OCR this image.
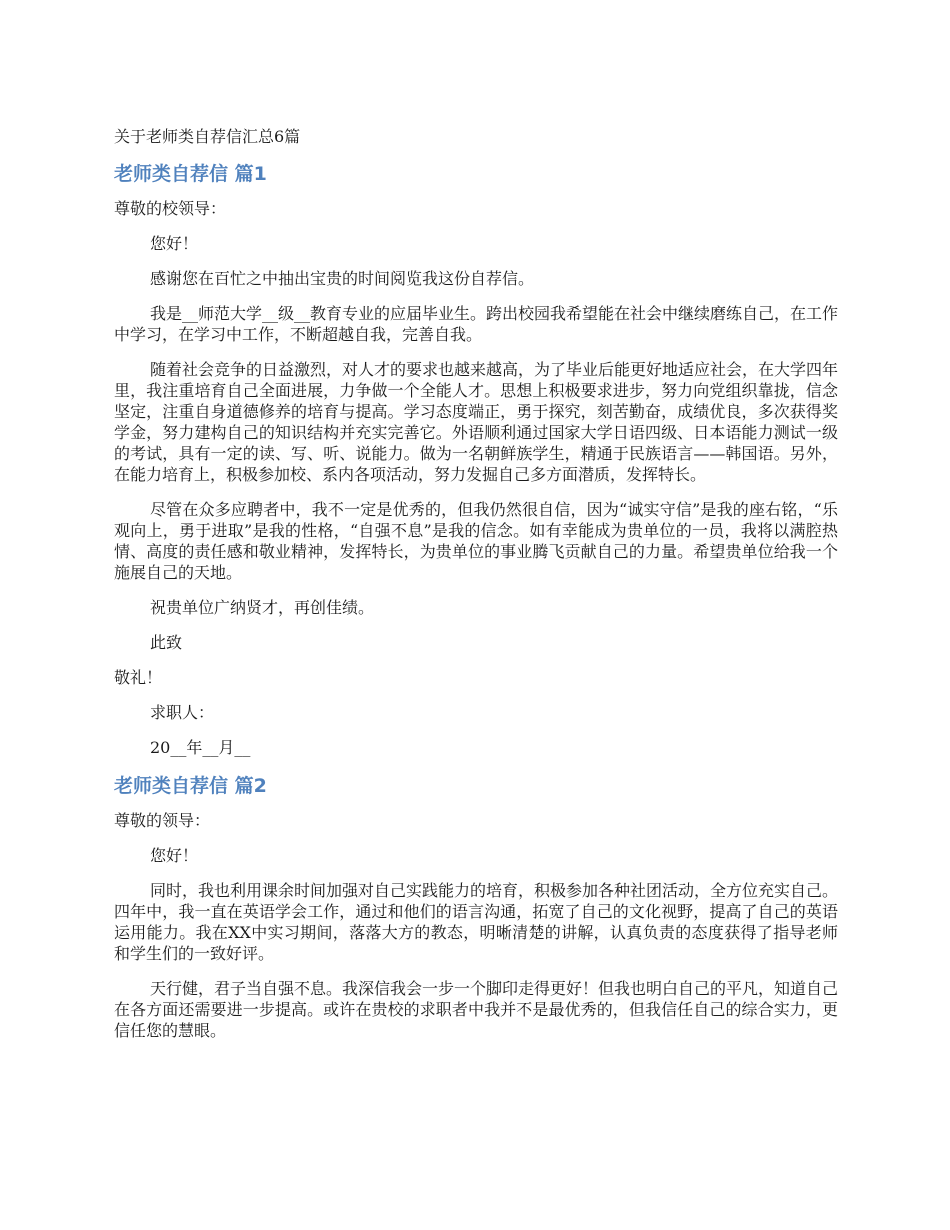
关于老师类自荐信汇总6篇
老师类自荐信 篇1
尊敬的校领导：
您好！
感谢您在百忙之中抽出宝贵的时间阅览我这份自荐信。
我是__师范大学__级__教育专业的应届毕业生。跨出校园我希望能在社会中继续磨练自己，在工作中学习，在学习中工作，不断超越自我，完善自我。
随着社会竞争的日益激烈，对人才的要求也越来越高，为了毕业后能更好地适应社会，在大学四年里，我注重培育自己全面进展，力争做一个全能人才。思想上积极要求进步，努力向党组织靠拢，信念坚定，注重自身道德修养的培育与提高。学习态度端正，勇于探究，刻苦勤奋，成绩优良，多次获得奖学金，努力建构自己的知识结构并充实完善它。外语顺利通过国家大学日语四级、日本语能力测试一级的考试，具有一定的读、写、听、说能力。做为一名朝鲜族学生，精通于民族语言——韩国语。另外，在能力培育上，积极参加校、系内各项活动，努力发掘自己多方面潜质，发挥特长。
尽管在众多应聘者中，我不一定是优秀的，但我仍然很自信，因为“诚实守信”是我的座右铭，“乐观向上，勇于进取”是我的性格，“自强不息”是我的信念。如有幸能成为贵单位的一员，我将以满腔热情、高度的责任感和敬业精神，发挥特长，为贵单位的事业腾飞贡献自己的力量。希望贵单位给我一个施展自己的天地。
祝贵单位广纳贤才，再创佳绩。
此致
敬礼！
求职人：
20__年__月__
老师类自荐信 篇2
尊敬的领导：
您好！
同时，我也利用课余时间加强对自己实践能力的培育，积极参加各种社团活动，全方位充实自己。四年中，我一直在英语学会工作，通过和他们的语言沟通，拓宽了自己的文化视野，提高了自己的英语运用能力。我在XX中实习期间，落落大方的教态，明晰清楚的讲解，认真负责的态度获得了指导老师和学生们的一致好评。
天行健，君子当自强不息。我深信我会一步一个脚印走得更好！但我也明白自己的平凡，知道自己在各方面还需要进一步提高。或许在贵校的求职者中我并不是最优秀的，但我信任自己的综合实力，更信任您的慧眼。
